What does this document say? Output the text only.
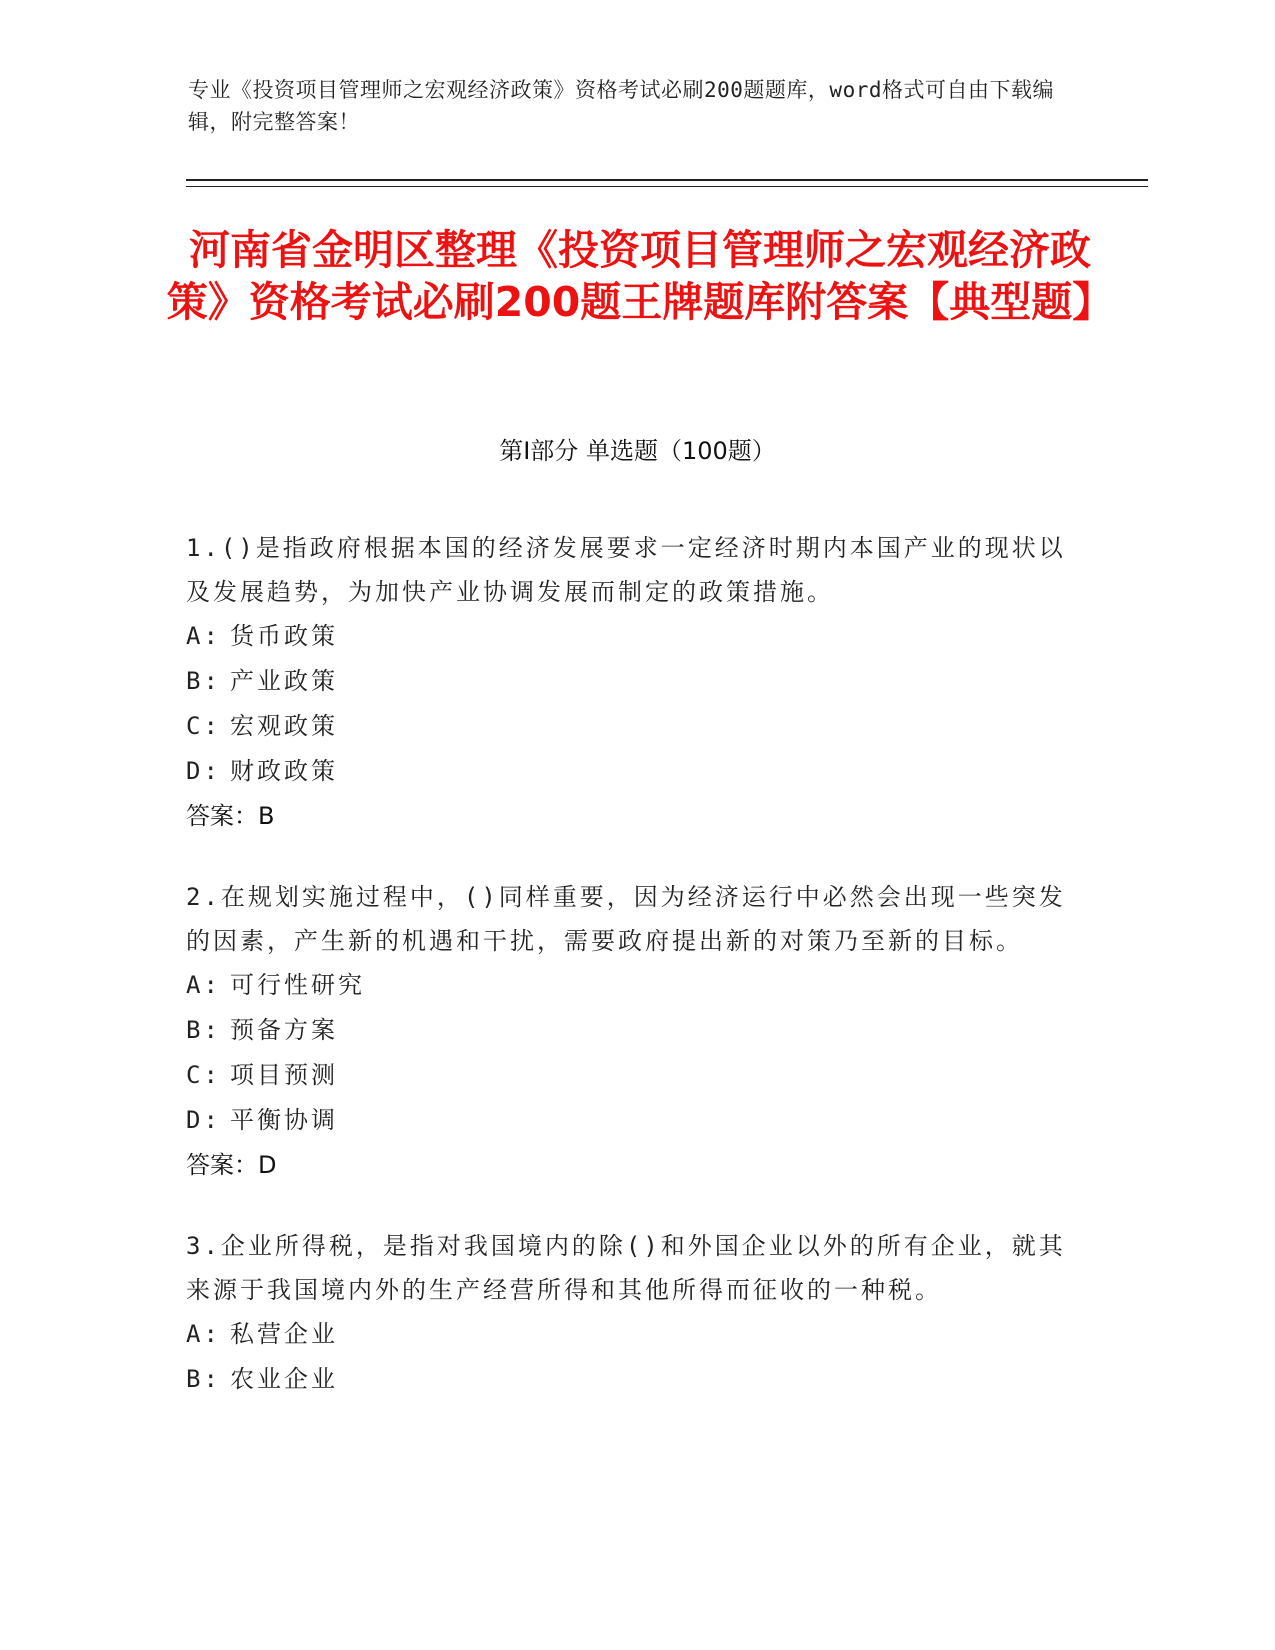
专业《投资项目管理师之宏观经济政策》资格考试必刷200题题库，word格式可自由下载编辑，附完整答案！
河南省金明区整理《投资项目管理师之宏观经济政策》资格考试必刷200题王牌题库附答案【典型题】
第Ⅰ部分 单选题（100题）
1.()是指政府根据本国的经济发展要求一定经济时期内本国产业的现状以及发展趋势，为加快产业协调发展而制定的政策措施。
A: 货币政策
B: 产业政策
C: 宏观政策
D: 财政政策
答案：B
2.在规划实施过程中，()同样重要，因为经济运行中必然会出现一些突发的因素，产生新的机遇和干扰，需要政府提出新的对策乃至新的目标。
A: 可行性研究
B: 预备方案
C: 项目预测
D: 平衡协调
答案：D
3.企业所得税，是指对我国境内的除()和外国企业以外的所有企业，就其来源于我国境内外的生产经营所得和其他所得而征收的一种税。
A: 私营企业
B: 农业企业
